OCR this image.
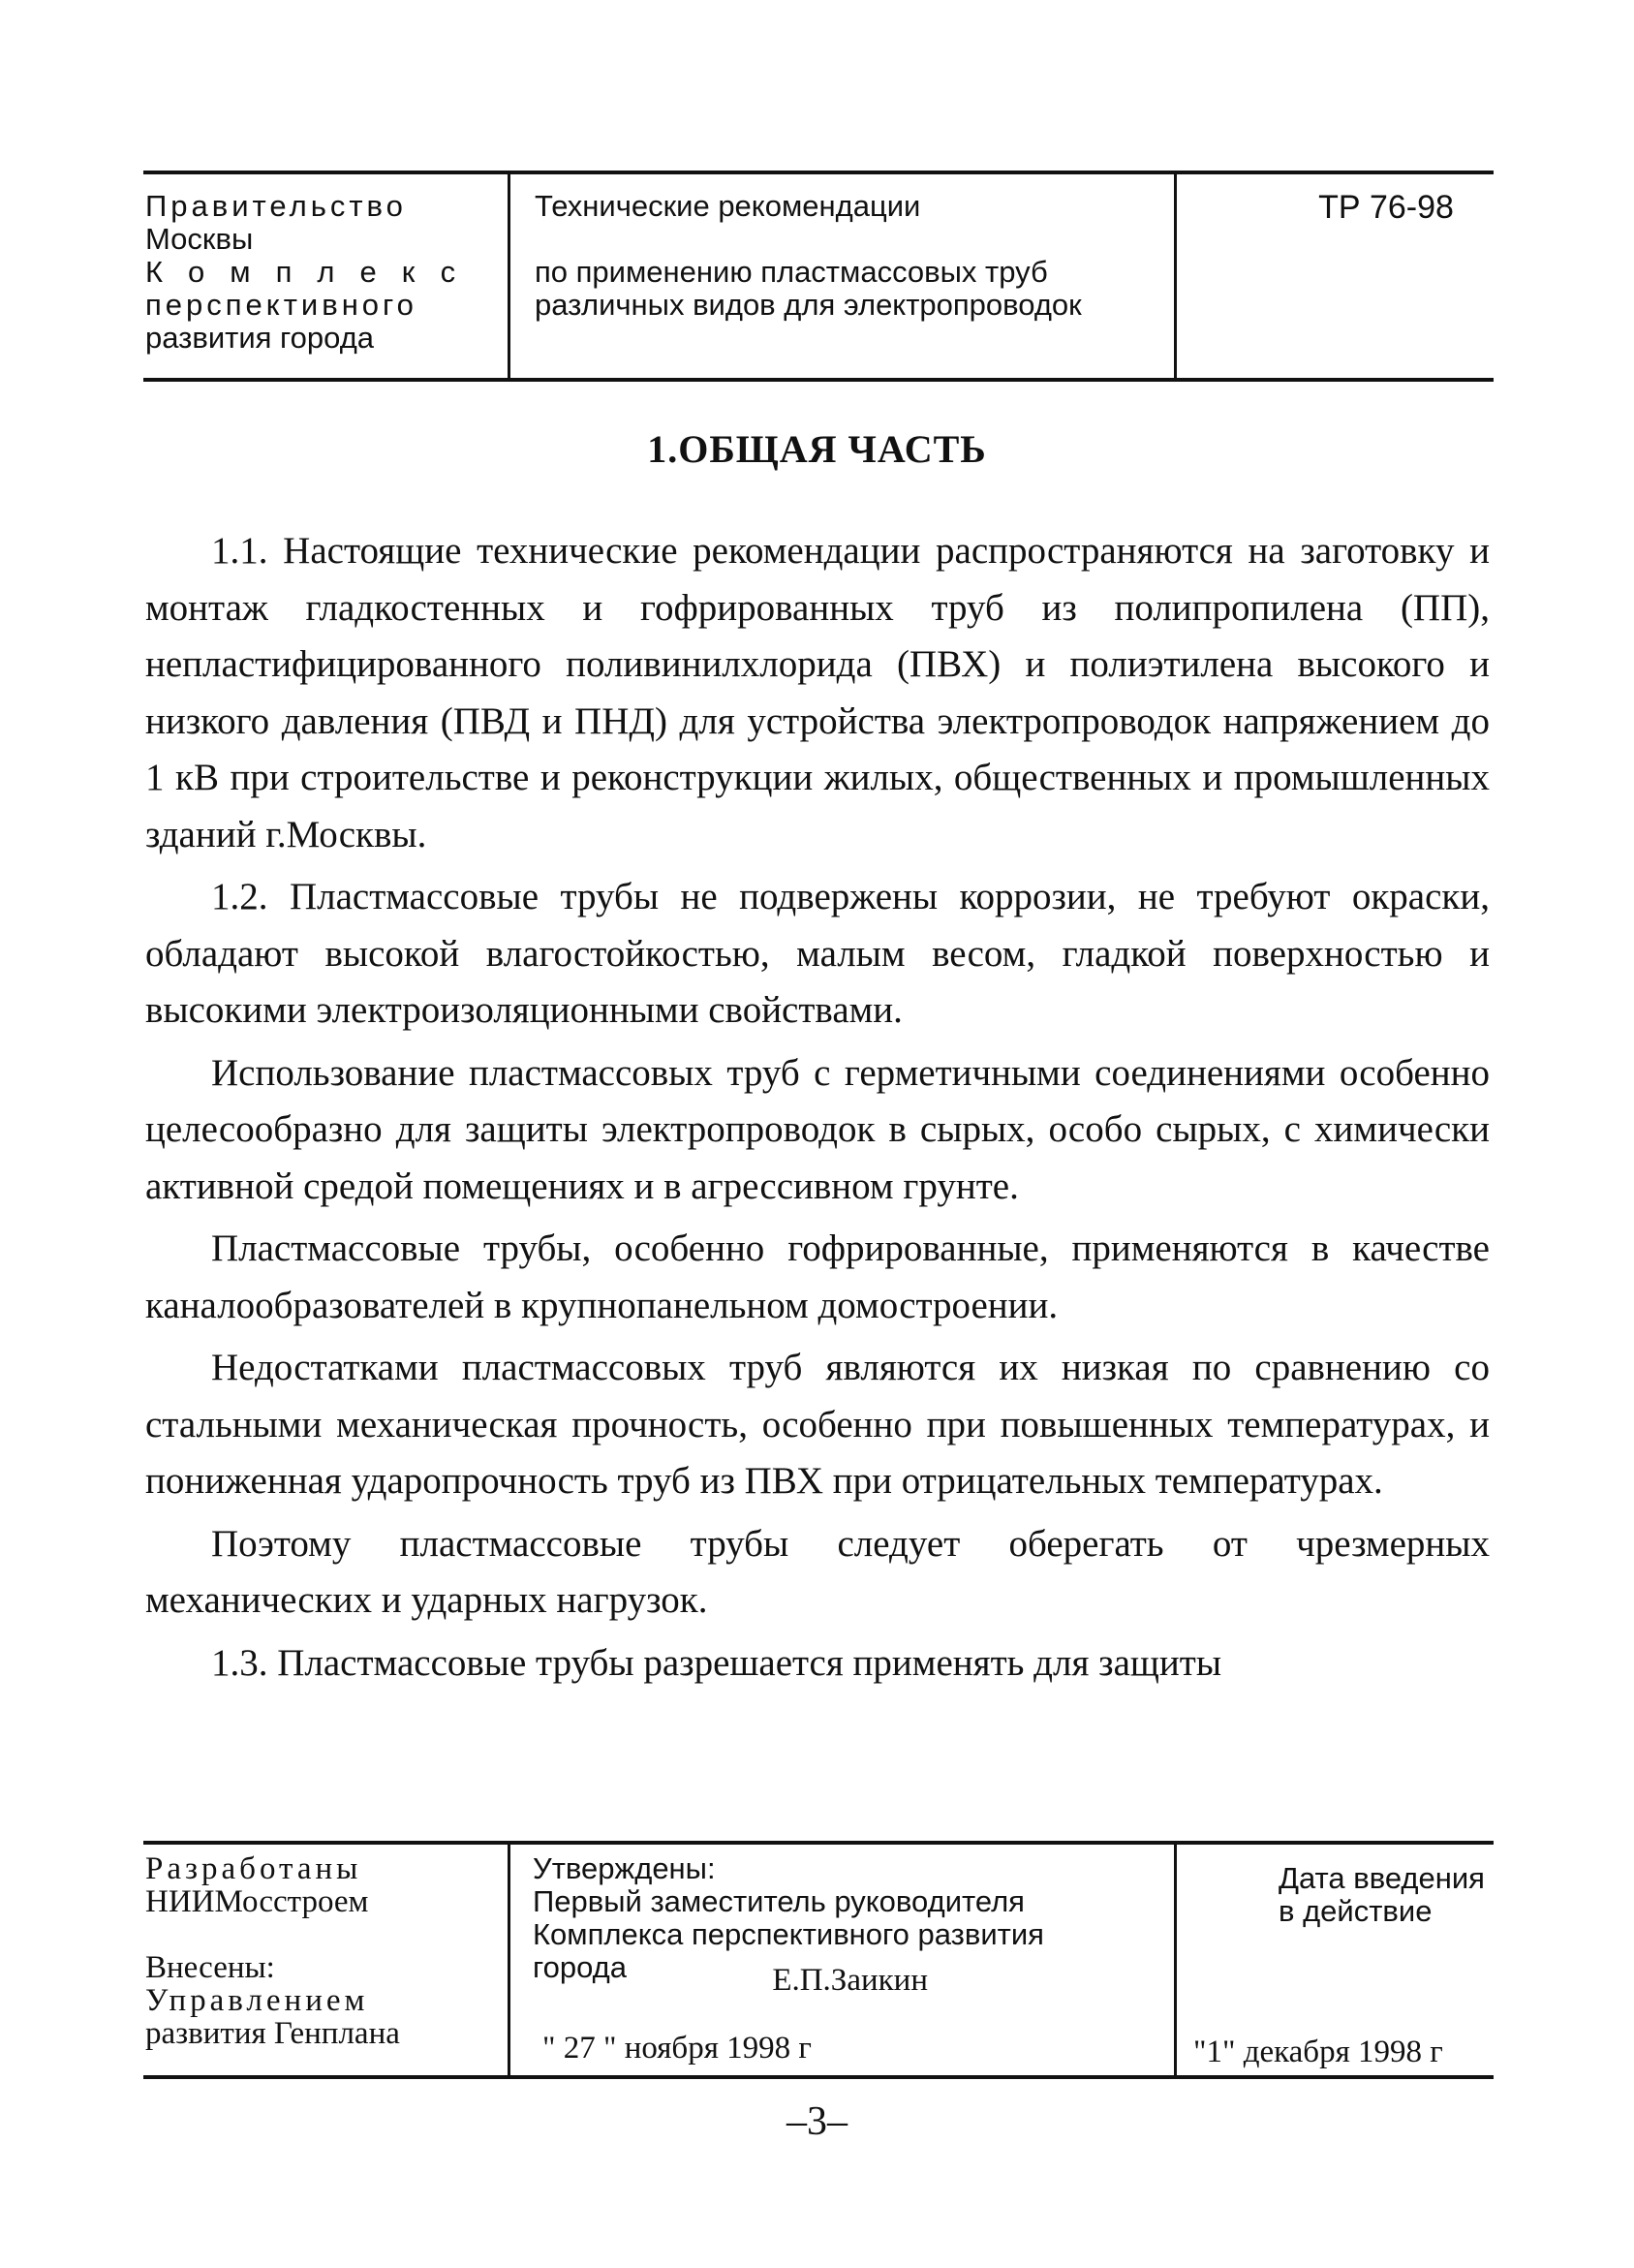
Правительство
Москвы
Комплекс
перспективного
развития города
Технические рекомендации
по применению пластмассовых труб
различных видов для электропроводок
ТР 76-98
1.ОБЩАЯ ЧАСТЬ

1.1. Настоящие технические рекомендации распространяются на заготовку и монтаж гладкостенных и гофрированных труб из полипропилена (ПП), непластифицированного поливинилхлорида (ПВХ) и полиэтилена высокого и низкого давления (ПВД и ПНД) для устройства электропроводок напряжением до 1 кВ при строительстве и реконструкции жилых, общественных и промышленных зданий г.Москвы.

1.2. Пластмассовые трубы не подвержены коррозии, не требуют окраски, обладают высокой влагостойкостью, малым весом, гладкой поверхностью и высокими электроизоляционными свойствами.

Использование пластмассовых труб с герметичными соединениями особенно целесообразно для защиты электропроводок в сырых, особо сырых, с химически активной средой помещениях и в агрессивном грунте.

Пластмассовые трубы, особенно гофрированные, применяются в качестве каналообразователей в крупнопанельном домостроении.

Недостатками пластмассовых труб являются их низкая по сравнению со стальными механическая прочность, особенно при повышенных температурах, и пониженная ударопрочность труб из ПВХ при отрицательных температурах.

Поэтому пластмассовые трубы следует оберегать от чрезмерных механических и ударных нагрузок.

1.3. Пластмассовые трубы разрешается применять для защиты

Разработаны
НИИМосстроем
Внесены:
Управлением
развития Генплана
Утверждены:
Первый заместитель руководителя
Комплекса перспективного развития
города	Е.П.Заикин
" 27 " ноября 1998 г
Дата введения
в действие
"1" декабря 1998 г
–3–
